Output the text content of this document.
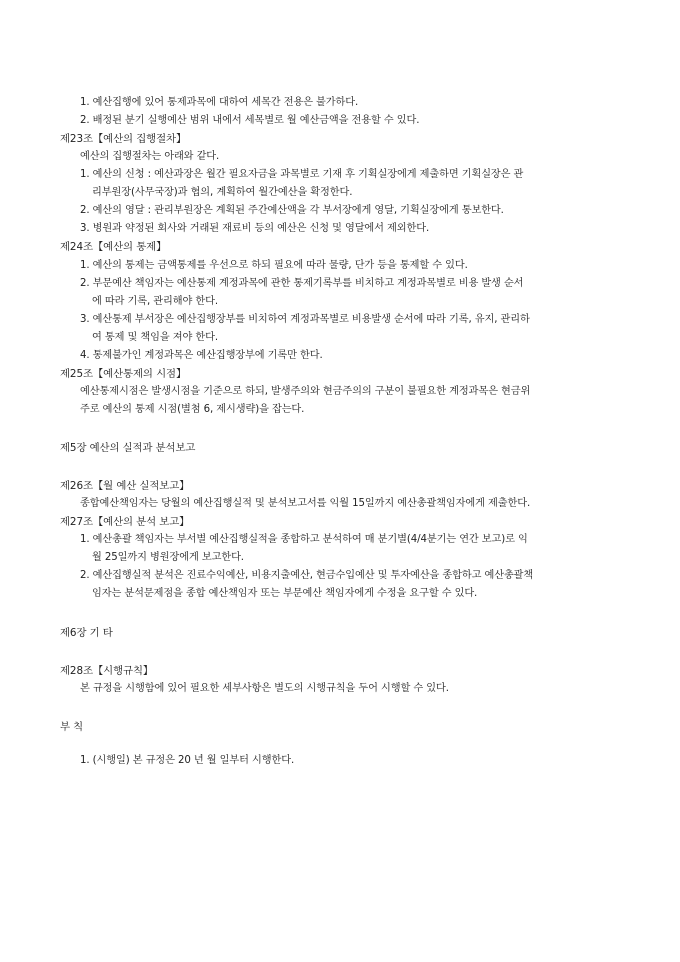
1. 예산집행에 있어 통제과목에 대하여 세목간 전용은 불가하다.
2. 배정된 분기 실행예산 범위 내에서 세목별로 월 예산금액을 전용할 수 있다.
제23조【예산의 집행절차】
예산의 집행절차는 아래와 같다.
1. 예산의 신청 : 예산과장은 월간 필요자금을 과목별로 기재 후 기획실장에게 제출하면 기획실장은 관
리부원장(사무국장)과 협의, 계획하여 월간예산을 확정한다.
2. 예산의 영달 : 관리부원장은 계획된 주간예산액을 각 부서장에게 영달, 기획실장에게 통보한다.
3. 병원과 약정된 회사와 거래된 재료비 등의 예산은 신청 및 영달에서 제외한다.
제24조【예산의 통제】
1. 예산의 통제는 금액통제를 우선으로 하되 필요에 따라 물량, 단가 등을 통제할 수 있다.
2. 부문예산 책임자는 예산통제 계정과목에 관한 통제기록부를 비치하고 계정과목별로 비용 발생 순서
에 따라 기록, 관리해야 한다.
3. 예산통제 부서장은 예산집행장부를 비치하여 계정과목별로 비용발생 순서에 따라 기록, 유지, 관리하
여 통제 및 책임을 져야 한다.
4. 통제불가인 계정과목은 예산집행장부에 기록만 한다.
제25조【예산통제의 시점】
예산통제시점은 발생시점을 기준으로 하되, 발생주의와 현금주의의 구분이 불필요한 계정과목은 현금위
주로 예산의 통제 시점(별첨 6, 제시생략)을 잡는다.
제5장 예산의 실적과 분석보고
제26조【월 예산 실적보고】
종합예산책임자는 당월의 예산집행실적 및 분석보고서를 익월 15일까지 예산총괄책임자에게 제출한다.
제27조【예산의 분석 보고】
1. 예산총괄 책임자는 부서별 예산집행실적을 종합하고 분석하여 매 분기별(4/4분기는 연간 보고)로 익
월 25일까지 병원장에게 보고한다.
2. 예산집행실적 분석은 진료수익예산, 비용지출예산, 현금수입예산 및 투자예산을 종합하고 예산총괄책
임자는 분석문제점을 종합 예산책임자 또는 부문예산 책임자에게 수정을 요구할 수 있다.
제6장 기 타
제28조【시행규칙】
본 규정을 시행함에 있어 필요한 세부사항은 별도의 시행규칙을 두어 시행할 수 있다.
부 칙
1. (시행일) 본 규정은 20 년 월 일부터 시행한다.
